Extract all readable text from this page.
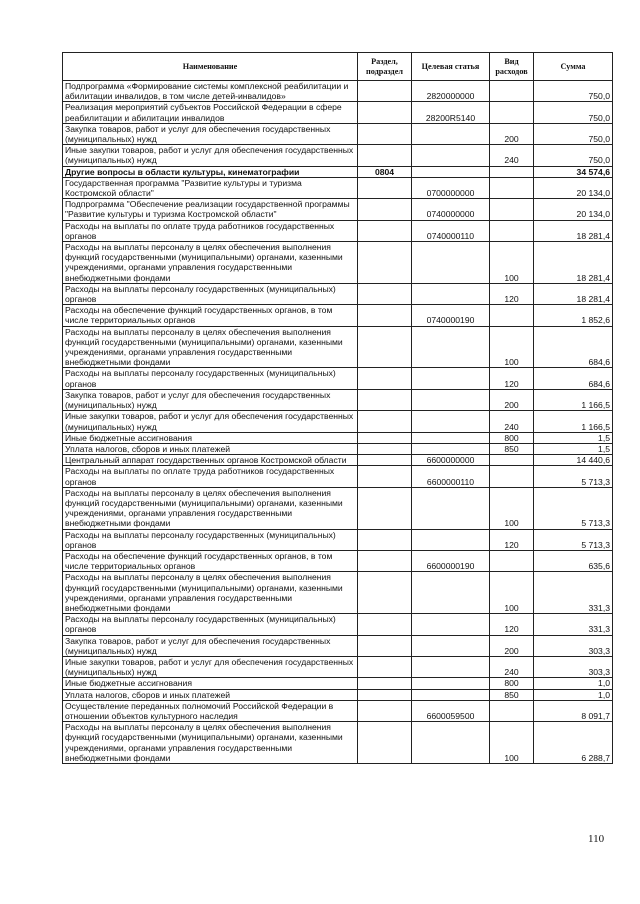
Наименование	Раздел, подраздел	Целевая статья	Вид расходов	Сумма
Подпрограмма «Формирование системы комплексной реабилитации и абилитации инвалидов, в том числе детей-инвалидов»		2820000000		750,0
Реализация мероприятий субъектов Российской Федерации в сфере реабилитации и абилитации инвалидов		28200R5140		750,0
Закупка товаров, работ и услуг для обеспечения государственных (муниципальных) нужд			200	750,0
Иные закупки товаров, работ и услуг для обеспечения государственных (муниципальных) нужд			240	750,0
Другие вопросы в области культуры, кинематографии	0804			34 574,6
Государственная программа "Развитие культуры и туризма Костромской области"		0700000000		20 134,0
Подпрограмма "Обеспечение реализации государственной программы "Развитие культуры и туризма Костромской области"		0740000000		20 134,0
Расходы на выплаты по оплате труда работников государственных органов		0740000110		18 281,4
Расходы на выплаты персоналу в целях обеспечения выполнения функций государственными (муниципальными) органами, казенными учреждениями, органами управления государственными внебюджетными фондами			100	18 281,4
Расходы на выплаты персоналу государственных (муниципальных) органов			120	18 281,4
Расходы на обеспечение функций государственных органов, в том числе территориальных органов		0740000190		1 852,6
Расходы на выплаты персоналу в целях обеспечения выполнения функций государственными (муниципальными) органами, казенными учреждениями, органами управления государственными внебюджетными фондами			100	684,6
Расходы на выплаты персоналу государственных (муниципальных) органов			120	684,6
Закупка товаров, работ и услуг для обеспечения государственных (муниципальных) нужд			200	1 166,5
Иные закупки товаров, работ и услуг для обеспечения государственных (муниципальных) нужд			240	1 166,5
Иные бюджетные ассигнования			800	1,5
Уплата налогов, сборов и иных платежей			850	1,5
Центральный аппарат государственных органов Костромской области		6600000000		14 440,6
Расходы на выплаты по оплате труда работников государственных органов		6600000110		5 713,3
Расходы на выплаты персоналу в целях обеспечения выполнения функций государственными (муниципальными) органами, казенными учреждениями, органами управления государственными внебюджетными фондами			100	5 713,3
Расходы на выплаты персоналу государственных (муниципальных) органов			120	5 713,3
Расходы на обеспечение функций государственных органов, в том числе территориальных органов		6600000190		635,6
Расходы на выплаты персоналу в целях обеспечения выполнения функций государственными (муниципальными) органами, казенными учреждениями, органами управления государственными внебюджетными фондами			100	331,3
Расходы на выплаты персоналу государственных (муниципальных) органов			120	331,3
Закупка товаров, работ и услуг для обеспечения государственных (муниципальных) нужд			200	303,3
Иные закупки товаров, работ и услуг для обеспечения государственных (муниципальных) нужд			240	303,3
Иные бюджетные ассигнования			800	1,0
Уплата налогов, сборов и иных платежей			850	1,0
Осуществление переданных полномочий Российской Федерации в отношении объектов культурного наследия		6600059500		8 091,7
Расходы на выплаты персоналу в целях обеспечения выполнения функций государственными (муниципальными) органами, казенными учреждениями, органами управления государственными внебюджетными фондами			100	6 288,7
110
